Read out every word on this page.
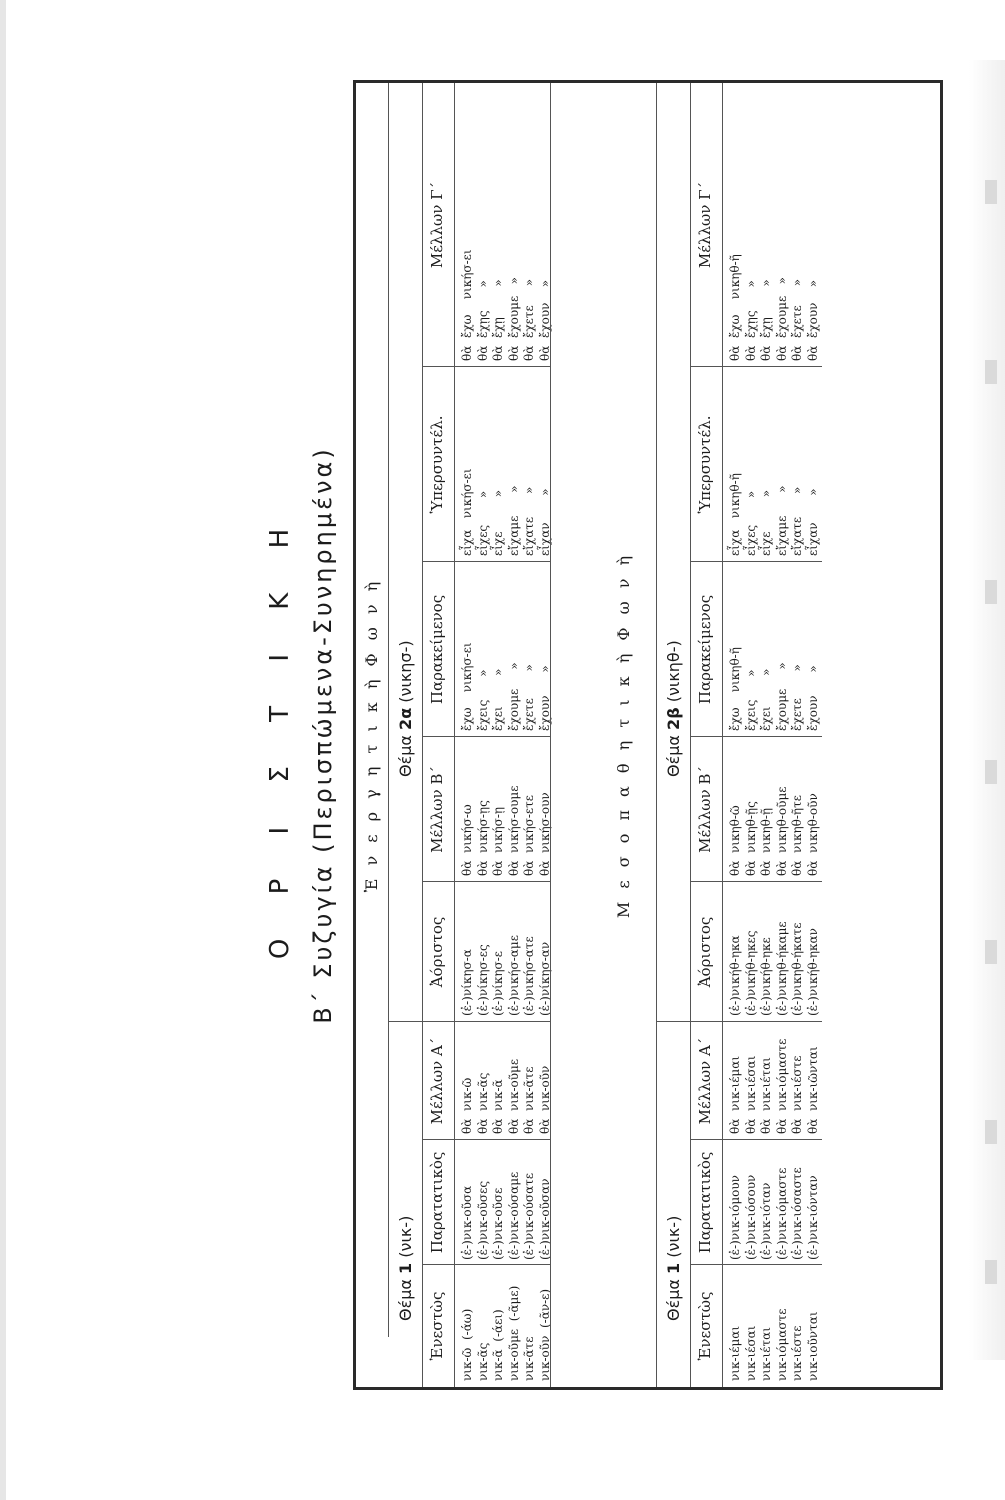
Ο Ρ Ι Σ Τ Ι Κ Η Β΄ Συζυγία (Περισπώμενα-Συνηρημένα) Ἐ ν ε ρ γ η τ ι κ ὴ Φ ω ν ὴ
Θέμα 1 (νικ-)
Θέμα 2α (νικησ-)
Ἐνεστὼς
Παρατατικὸς
Μέλλων Α΄
Ἀόριστος
Μέλλων Β΄
Παρακείμενος
Ὑπερσυντέλ.
Μέλλων Γ΄
νικ-ῶ  (-άω)
νικ-ᾶς
νικ-ᾶ  (-άει)
νικ-οῦμε  (-ᾶμε)
νικ-ᾶτε
νικ-οῦν  (-ᾶν-ε)
(ἐ-)νικ-οῦσα
(ἐ-)νικ-οῦσες
(ἐ-)νικ-οῦσε
(ἐ-)νικ-ούσαμε
(ἐ-)νικ-ούσατε
(ἐ-)νικ-οῦσαν
θὰ  νικ-ῶ
θὰ  νικ-ᾶς
θὰ  νικ-ᾶ
θὰ  νικ-οῦμε
θὰ  νικ-ᾶτε
θὰ  νικ-οῦν
(ἐ-)νίκησ-α
(ἐ-)νίκησ-ες
(ἐ-)νίκησ-ε
(ἐ-)νικήσ-αμε
(ἐ-)νικήσ-ατε
(ἐ-)νίκησ-αν
θὰ  νικήσ-ω
θὰ  νικήσ-ῃς
θὰ  νικήσ-ῃ
θὰ  νικήσ-ουμε
θὰ  νικήσ-ετε
θὰ  νικήσ-ουν
ἔχω    νικήσ-ει
ἔχεις      »
ἔχει        »
ἔχουμε     »
ἔχετε       »
ἔχουν      »
εἶχα   νικήσ-ει
εἶχες       »
εἶχε         »
εἴχαμε      »
εἴχατε      »
εἶχαν       »
θὰ  ἔχω    νικήσ-ει
θὰ  ἔχῃς      »
θὰ  ἔχῃ        »
θὰ  ἔχουμε   »
θὰ  ἔχετε     »
θὰ  ἔχουν    »
Μ ε σ ο π α θ η τ ι κ ὴ Φ ω ν ὴ
Θέμα 1 (νικ-)
Θέμα 2β (νικηθ-)
Ἐνεστὼς
Παρατατικὸς
Μέλλων Α΄
Ἀόριστος
Μέλλων Β΄
Παρακείμενος
Ὑπερσυντέλ.
Μέλλων Γ΄
νικ-ιέμαι
νικ-ιέσαι
νικ-ιέται
νικ-ιόμαστε
νικ-ιέστε
νικ-ιοῦνται
(ἐ-)νικ-ιόμουν
(ἐ-)νικ-ιόσουν
(ἐ-)νικ-ιόταν
(ἐ-)νικ-ιόμαστε
(ἐ-)νικ-ιόσαστε
(ἐ-)νικ-ιόνταν
θὰ  νικ-ιέμαι
θὰ  νικ-ιέσαι
θὰ  νικ-ιέται
θὰ  νικ-ιόμαστε
θὰ  νικ-ιέστε
θὰ  νικ-ιῶνται
(ἐ-)νικήθ-ηκα
(ἐ-)νικήθ-ηκες
(ἐ-)νικήθ-ηκε
(ἐ-)νικηθ-ήκαμε
(ἐ-)νικηθ-ήκατε
(ἐ-)νικήθ-ηκαν
θὰ  νικηθ-ῶ
θὰ  νικηθ-ῇς
θὰ  νικηθ-ῇ
θὰ  νικηθ-οῦμε
θὰ  νικηθ-ῆτε
θὰ  νικηθ-οῦν
ἔχω    νικηθ-ῆ
ἔχεις      »
ἔχει        »
ἔχουμε     »
ἔχετε       »
ἔχουν      »
εἶχα   νικηθ-ῆ
εἶχες       »
εἶχε         »
εἴχαμε      »
εἴχατε      »
εἶχαν       »
θὰ  ἔχω    νικηθ-ῆ
θὰ  ἔχῃς      »
θὰ  ἔχῃ        »
θὰ  ἔχουμε   »
θὰ  ἔχετε     »
θὰ  ἔχουν    »
